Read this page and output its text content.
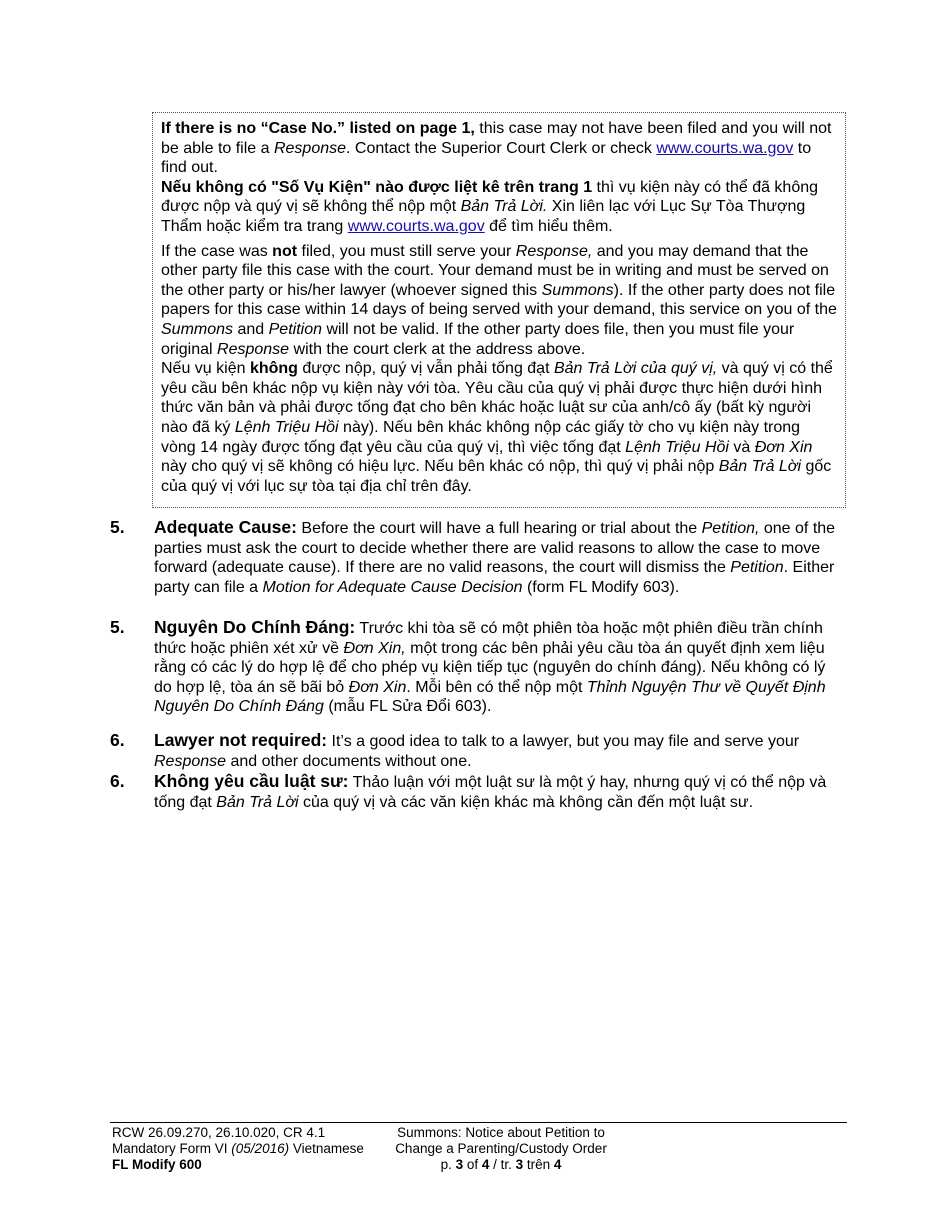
If there is no “Case No.” listed on page 1, this case may not have been filed and you will not be able to file a Response. Contact the Superior Court Clerk or check www.courts.wa.gov to find out.

Nếu không có "Số Vụ Kiện" nào được liệt kê trên trang 1 thì vụ kiện này có thể đã không được nộp và quý vị sẽ không thể nộp một Bản Trả Lời. Xin liên lạc với Lục Sự Tòa Thượng Thẩm hoặc kiểm tra trang www.courts.wa.gov để tìm hiểu thêm.

If the case was not filed, you must still serve your Response, and you may demand that the other party file this case with the court. Your demand must be in writing and must be served on the other party or his/her lawyer (whoever signed this Summons). If the other party does not file papers for this case within 14 days of being served with your demand, this service on you of the Summons and Petition will not be valid. If the other party does file, then you must file your original Response with the court clerk at the address above.

Nếu vụ kiện không được nộp, quý vị vẫn phải tống đạt Bản Trả Lời của quý vị, và quý vị có thể yêu cầu bên khác nộp vụ kiện này với tòa. Yêu cầu của quý vị phải được thực hiện dưới hình thức văn bản và phải được tống đạt cho bên khác hoặc luật sư của anh/cô ấy (bất kỳ người nào đã ký Lệnh Triệu Hồi này). Nếu bên khác không nộp các giấy tờ cho vụ kiện này trong vòng 14 ngày được tống đạt yêu cầu của quý vị, thì việc tống đạt Lệnh Triệu Hồi và Đơn Xin này cho quý vị sẽ không có hiệu lực. Nếu bên khác có nộp, thì quý vị phải nộp Bản Trả Lời gốc của quý vị với lục sự tòa tại địa chỉ trên đây.

5. Adequate Cause: Before the court will have a full hearing or trial about the Petition, one of the parties must ask the court to decide whether there are valid reasons to allow the case to move forward (adequate cause). If there are no valid reasons, the court will dismiss the Petition. Either party can file a Motion for Adequate Cause Decision (form FL Modify 603).
5. Nguyên Do Chính Đáng: Trước khi tòa sẽ có một phiên tòa hoặc một phiên điều trần chính thức hoặc phiên xét xử về Đơn Xin, một trong các bên phải yêu cầu tòa án quyết định xem liệu rằng có các lý do hợp lệ để cho phép vụ kiện tiếp tục (nguyên do chính đáng). Nếu không có lý do hợp lệ, tòa án sẽ bãi bỏ Đơn Xin. Mỗi bên có thể nộp một Thỉnh Nguyện Thư về Quyết Định Nguyên Do Chính Đáng (mẫu FL Sửa Đổi 603).
6. Lawyer not required: It’s a good idea to talk to a lawyer, but you may file and serve your Response and other documents without one.
6. Không yêu cầu luật sư: Thảo luận với một luật sư là một ý hay, nhưng quý vị có thể nộp và tống đạt Bản Trả Lời của quý vị và các văn kiện khác mà không cần đến một luật sư.
RCW 26.09.270, 26.10.020, CR 4.1
Mandatory Form VI (05/2016) Vietnamese
FL Modify 600
Summons: Notice about Petition to
Change a Parenting/Custody Order
p. 3 of 4 / tr. 3 trên 4
